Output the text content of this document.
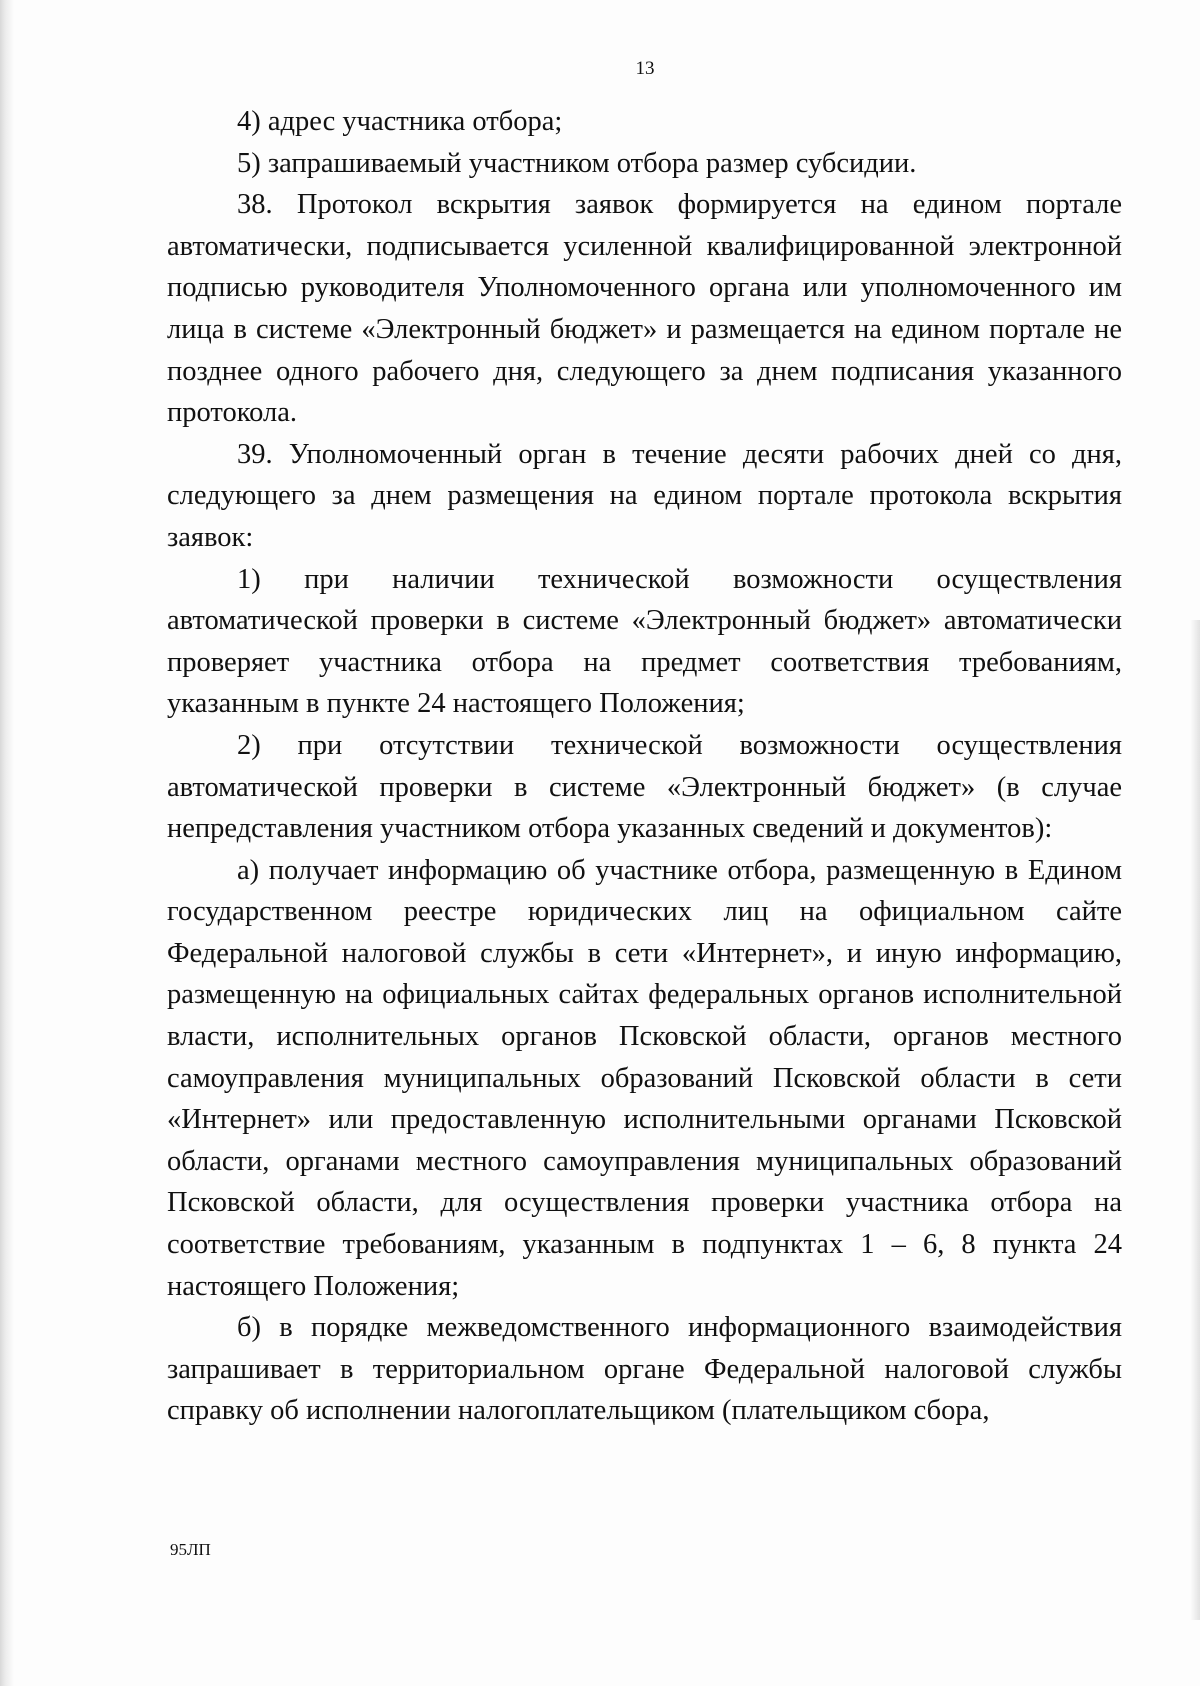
13

4) адрес участника отбора;

5) запрашиваемый участником отбора размер субсидии.

38. Протокол вскрытия заявок формируется на едином портале автоматически, подписывается усиленной квалифицированной электронной подписью руководителя Уполномоченного органа или уполномоченного им лица в системе «Электронный бюджет» и размещается на едином портале не позднее одного рабочего дня, следующего за днем подписания указанного протокола.

39. Уполномоченный орган в течение десяти рабочих дней со дня, следующего за днем размещения на едином портале протокола вскрытия заявок:

1) при наличии технической возможности осуществления автоматической проверки в системе «Электронный бюджет» автоматически проверяет участника отбора на предмет соответствия требованиям, указанным в пункте 24 настоящего Положения;

2) при отсутствии технической возможности осуществления автоматической проверки в системе «Электронный бюджет» (в случае непредставления участником отбора указанных сведений и документов):

а) получает информацию об участнике отбора, размещенную в Едином государственном реестре юридических лиц на официальном сайте Федеральной налоговой службы в сети «Интернет», и иную информацию, размещенную на официальных сайтах федеральных органов исполнительной власти, исполнительных органов Псковской области, органов местного самоуправления муниципальных образований Псковской области в сети «Интернет» или предоставленную исполнительными органами Псковской области, органами местного самоуправления муниципальных образований Псковской области, для осуществления проверки участника отбора на соответствие требованиям, указанным в подпунктах 1 – 6, 8 пункта 24 настоящего Положения;

б) в порядке межведомственного информационного взаимодействия запрашивает в территориальном органе Федеральной налоговой службы справку об исполнении налогоплательщиком (плательщиком сбора,

95ЛП
